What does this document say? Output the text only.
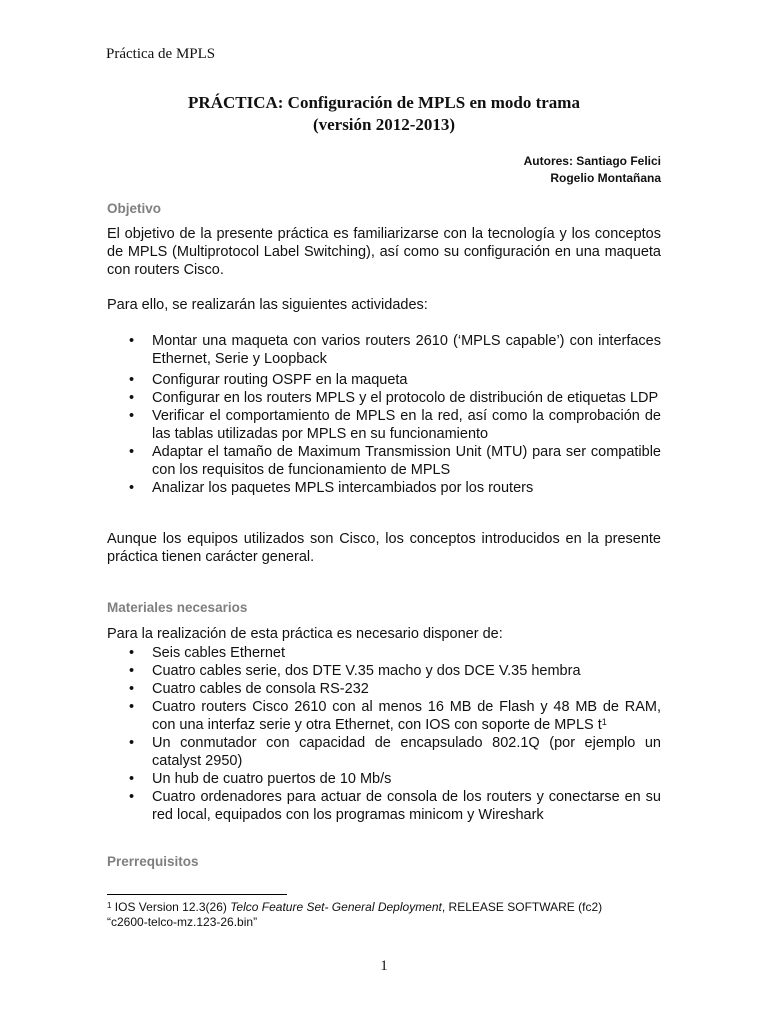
Práctica de MPLS
PRÁCTICA: Configuración de MPLS en modo trama
(versión 2012-2013)
Autores: Santiago Felici
Rogelio Montañana
Objetivo

El objetivo de la presente práctica es familiarizarse con la tecnología y los conceptos de MPLS (Multiprotocol Label Switching), así como su configuración en una maqueta con routers Cisco.

Para ello, se realizarán las siguientes actividades:

• Montar una maqueta con varios routers 2610 (‘MPLS capable’) con interfaces Ethernet, Serie y Loopback
• Configurar routing OSPF en la maqueta
• Configurar en los routers MPLS y el protocolo de distribución de etiquetas LDP
• Verificar el comportamiento de MPLS en la red, así como la comprobación de las tablas utilizadas por MPLS en su funcionamiento
• Adaptar el tamaño de Maximum Transmission Unit (MTU) para ser compatible con los requisitos de funcionamiento de MPLS
• Analizar los paquetes MPLS intercambiados por los routers

Aunque los equipos utilizados son Cisco, los conceptos introducidos en la presente práctica tienen carácter general.

Materiales necesarios

Para la realización de esta práctica es necesario disponer de:

• Seis cables Ethernet
• Cuatro cables serie, dos DTE V.35 macho y dos DCE V.35 hembra
• Cuatro cables de consola RS-232
• Cuatro routers Cisco 2610 con al menos 16 MB de Flash y 48 MB de RAM, con una interfaz serie y otra Ethernet, con IOS con soporte de MPLS $t^1$
• Un conmutador con capacidad de encapsulado 802.1Q (por ejemplo un catalyst 2950)
• Un hub de cuatro puertos de 10 Mb/s
• Cuatro ordenadores para actuar de consola de los routers y conectarse en su red local, equipados con los programas minicom y Wireshark
Prerrequisitos
$^1$ IOS Version 12.3(26) Telco Feature Set- General Deployment, RELEASE SOFTWARE (fc2)
“c2600-telco-mz.123-26.bin”
1
